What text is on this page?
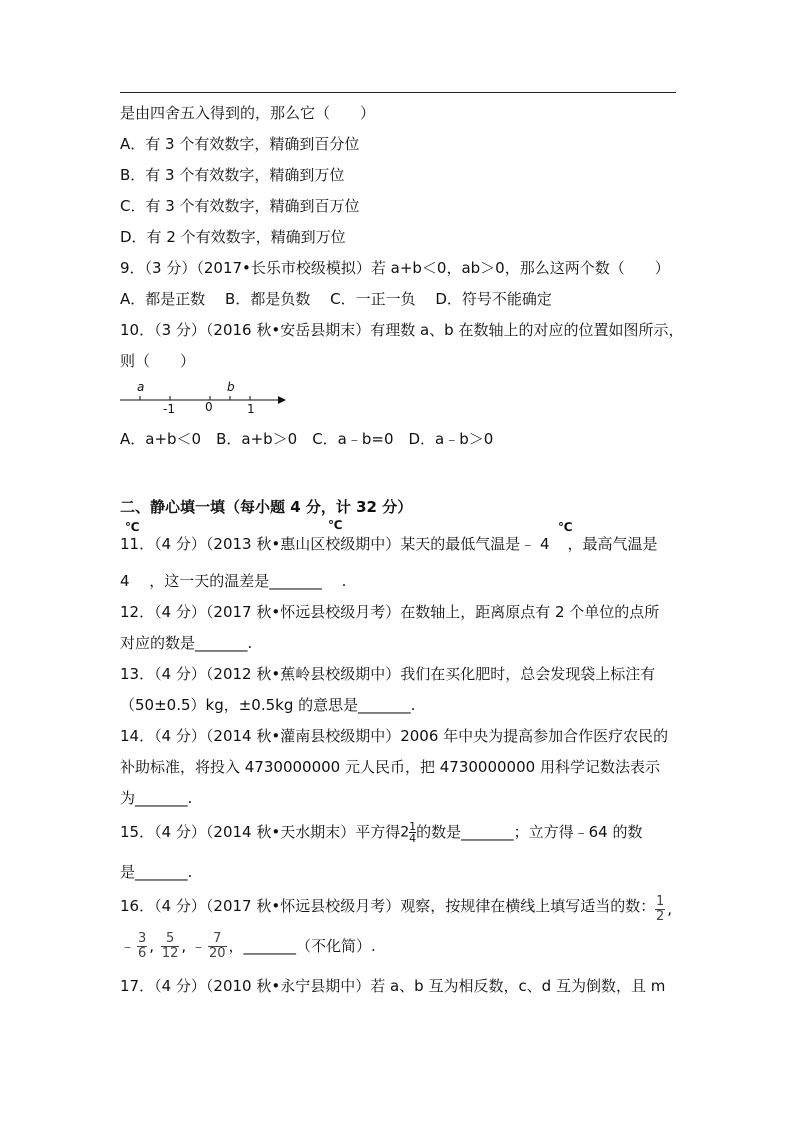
是由四舍五入得到的，那么它（　　）
A．有 3 个有效数字，精确到百分位
B．有 3 个有效数字，精确到万位
C．有 3 个有效数字，精确到百万位
D．有 2 个有效数字，精确到万位
9．（3 分）（2017•长乐市校级模拟）若 a+b＜0，ab＞0，那么这两个数（　　）
A．都是正数　 B．都是负数　 C．一正一负　 D．符号不能确定
10．（3 分）（2016 秋•安岳县期末）有理数 a、b 在数轴上的对应的位置如图所示，
则（　　）
a	b
-1	0	1
A．a+b＜0　B．a+b＞0　C．a﹣b=0　D．a﹣b＞0
二、静心填一填（每小题 4 分，计 32 分）
℃	℃	℃
11．（4 分）（2013 秋•惠山区校级期中）某天的最低气温是﹣ 4 ，最高气温是
4 　，这一天的温差是_______ 　.
12．（4 分）（2017 秋•怀远县校级月考）在数轴上，距离原点有 2 个单位的点所
对应的数是_______.
13．（4 分）（2012 秋•蕉岭县校级期中）我们在买化肥时，总会发现袋上标注有
（50±0.5）kg，±0.5kg 的意思是_______.
14．（4 分）（2014 秋•灌南县校级期中）2006 年中央为提高参加合作医疗农民的
补助标准，将投入 4730000000 元人民币，把 4730000000 用科学记数法表示
为_______.
15．（4 分）（2014 秋•天水期末）平方得$2 \frac{1}{4}$ 的数是_______；立方得﹣64 的数
是_______.
16．（4 分）（2017 秋•怀远县校级月考）观察，按规律在横线上填写适当的数： $\frac{1}{2}$ ,
﹣ $\frac{3}{6}$ , $\frac{5}{12}$ , ﹣ $\frac{7}{20}$ ，_______（不化简）.
17．（4 分）（2010 秋•永宁县期中）若 a、b 互为相反数，c、d 互为倒数，且 m
